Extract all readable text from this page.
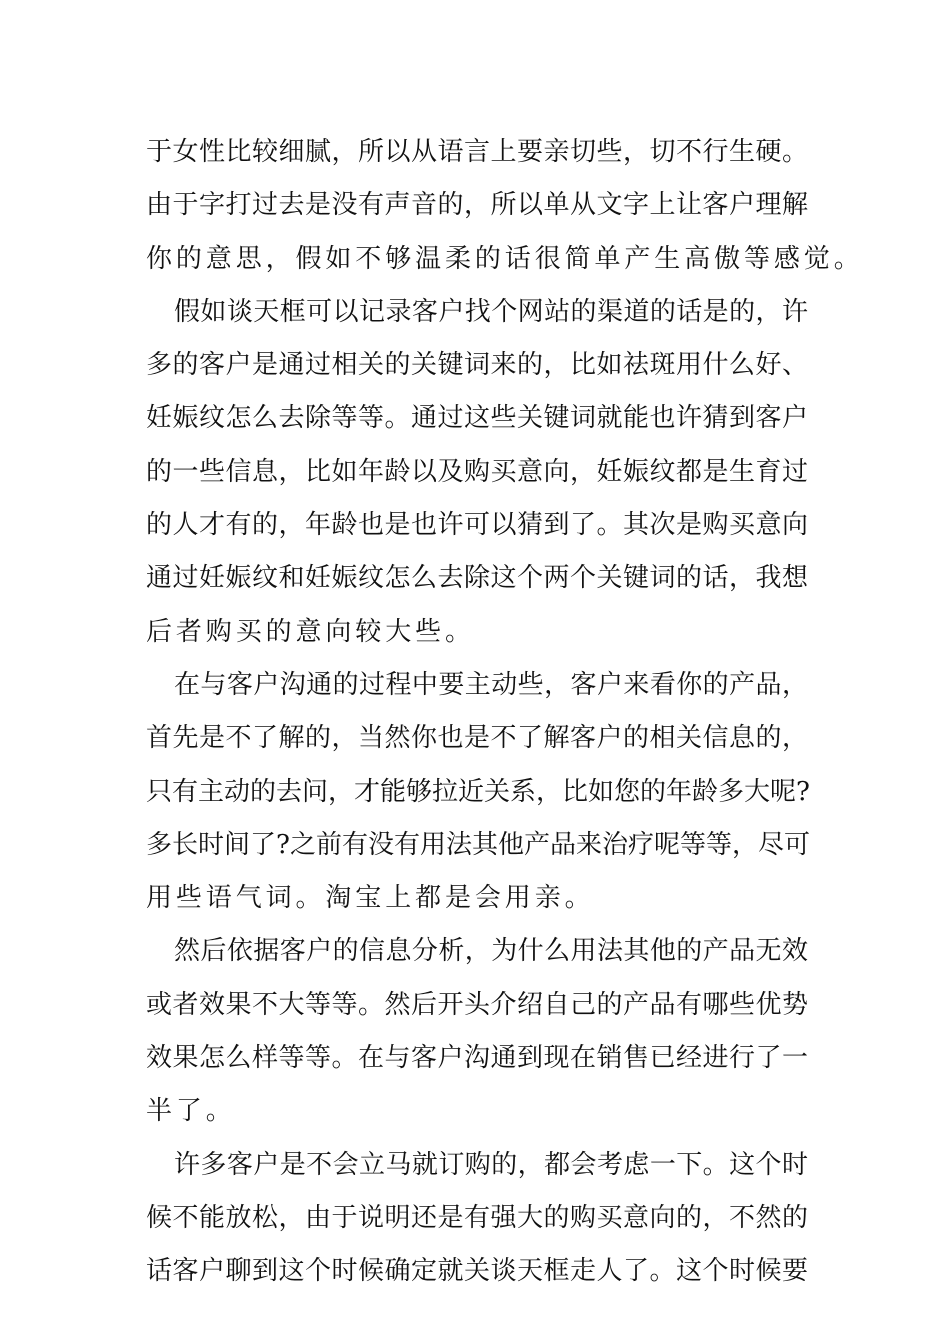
于女性比较细腻，所以从语言上要亲切些，切不行生硬。
由于字打过去是没有声音的，所以单从文字上让客户理解
你的意思，假如不够温柔的话很简单产生高傲等感觉。
假如谈天框可以记录客户找个网站的渠道的话是的，许
多的客户是通过相关的关键词来的，比如祛斑用什么好、
妊娠纹怎么去除等等。通过这些关键词就能也许猜到客户
的一些信息，比如年龄以及购买意向，妊娠纹都是生育过
的人才有的，年龄也是也许可以猜到了。其次是购买意向
通过妊娠纹和妊娠纹怎么去除这个两个关键词的话，我想
后者购买的意向较大些。
在与客户沟通的过程中要主动些，客户来看你的产品，
首先是不了解的，当然你也是不了解客户的相关信息的，
只有主动的去问，才能够拉近关系，比如您的年龄多大呢?
多长时间了?之前有没有用法其他产品来治疗呢等等，尽可
用些语气词。淘宝上都是会用亲。
然后依据客户的信息分析，为什么用法其他的产品无效
或者效果不大等等。然后开头介绍自己的产品有哪些优势
效果怎么样等等。在与客户沟通到现在销售已经进行了一
半了。
许多客户是不会立马就订购的，都会考虑一下。这个时
候不能放松，由于说明还是有强大的购买意向的，不然的
话客户聊到这个时候确定就关谈天框走人了。这个时候要
